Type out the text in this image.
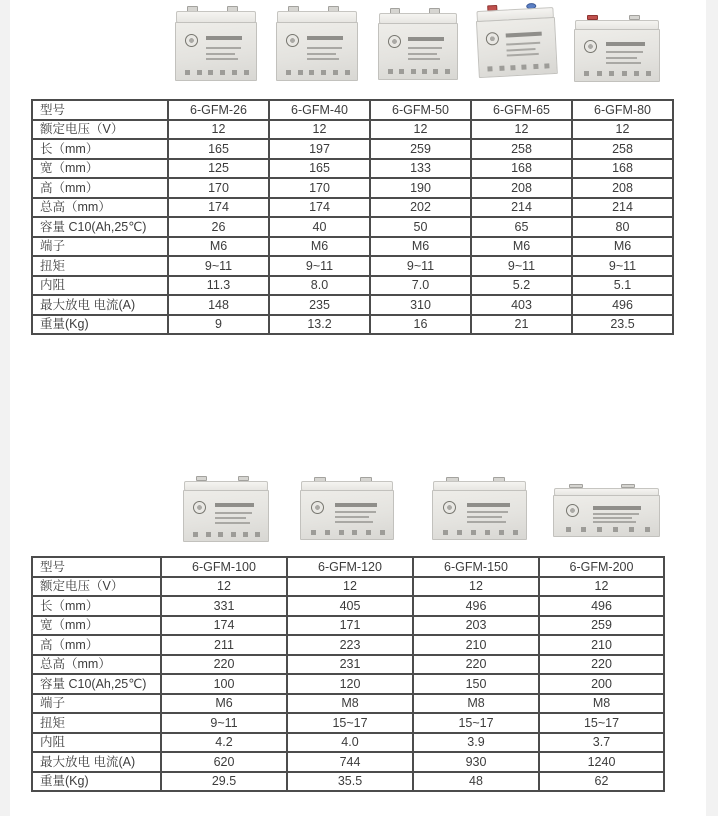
型号	6-GFM-26	6-GFM-40	6-GFM-50	6-GFM-65	6-GFM-80
额定电压（V）	12	12	12	12	12
长（mm）	165	197	259	258	258
宽（mm）	125	165	133	168	168
高（mm）	170	170	190	208	208
总高（mm）	174	174	202	214	214
容量 C10(Ah,25℃)	26	40	50	65	80
端子	M6	M6	M6	M6	M6
扭矩	9~11	9~11	9~11	9~11	9~11
内阻	11.3	8.0	7.0	5.2	5.1
最大放电 电流(A)	148	235	310	403	496
重量(Kg)	9	13.2	16	21	23.5
型号	6-GFM-100	6-GFM-120	6-GFM-150	6-GFM-200
额定电压（V）	12	12	12	12
长（mm）	331	405	496	496
宽（mm）	174	171	203	259
高（mm）	211	223	210	210
总高（mm）	220	231	220	220
容量 C10(Ah,25℃)	100	120	150	200
端子	M6	M8	M8	M8
扭矩	9~11	15~17	15~17	15~17
内阻	4.2	4.0	3.9	3.7
最大放电 电流(A)	620	744	930	1240
重量(Kg)	29.5	35.5	48	62
